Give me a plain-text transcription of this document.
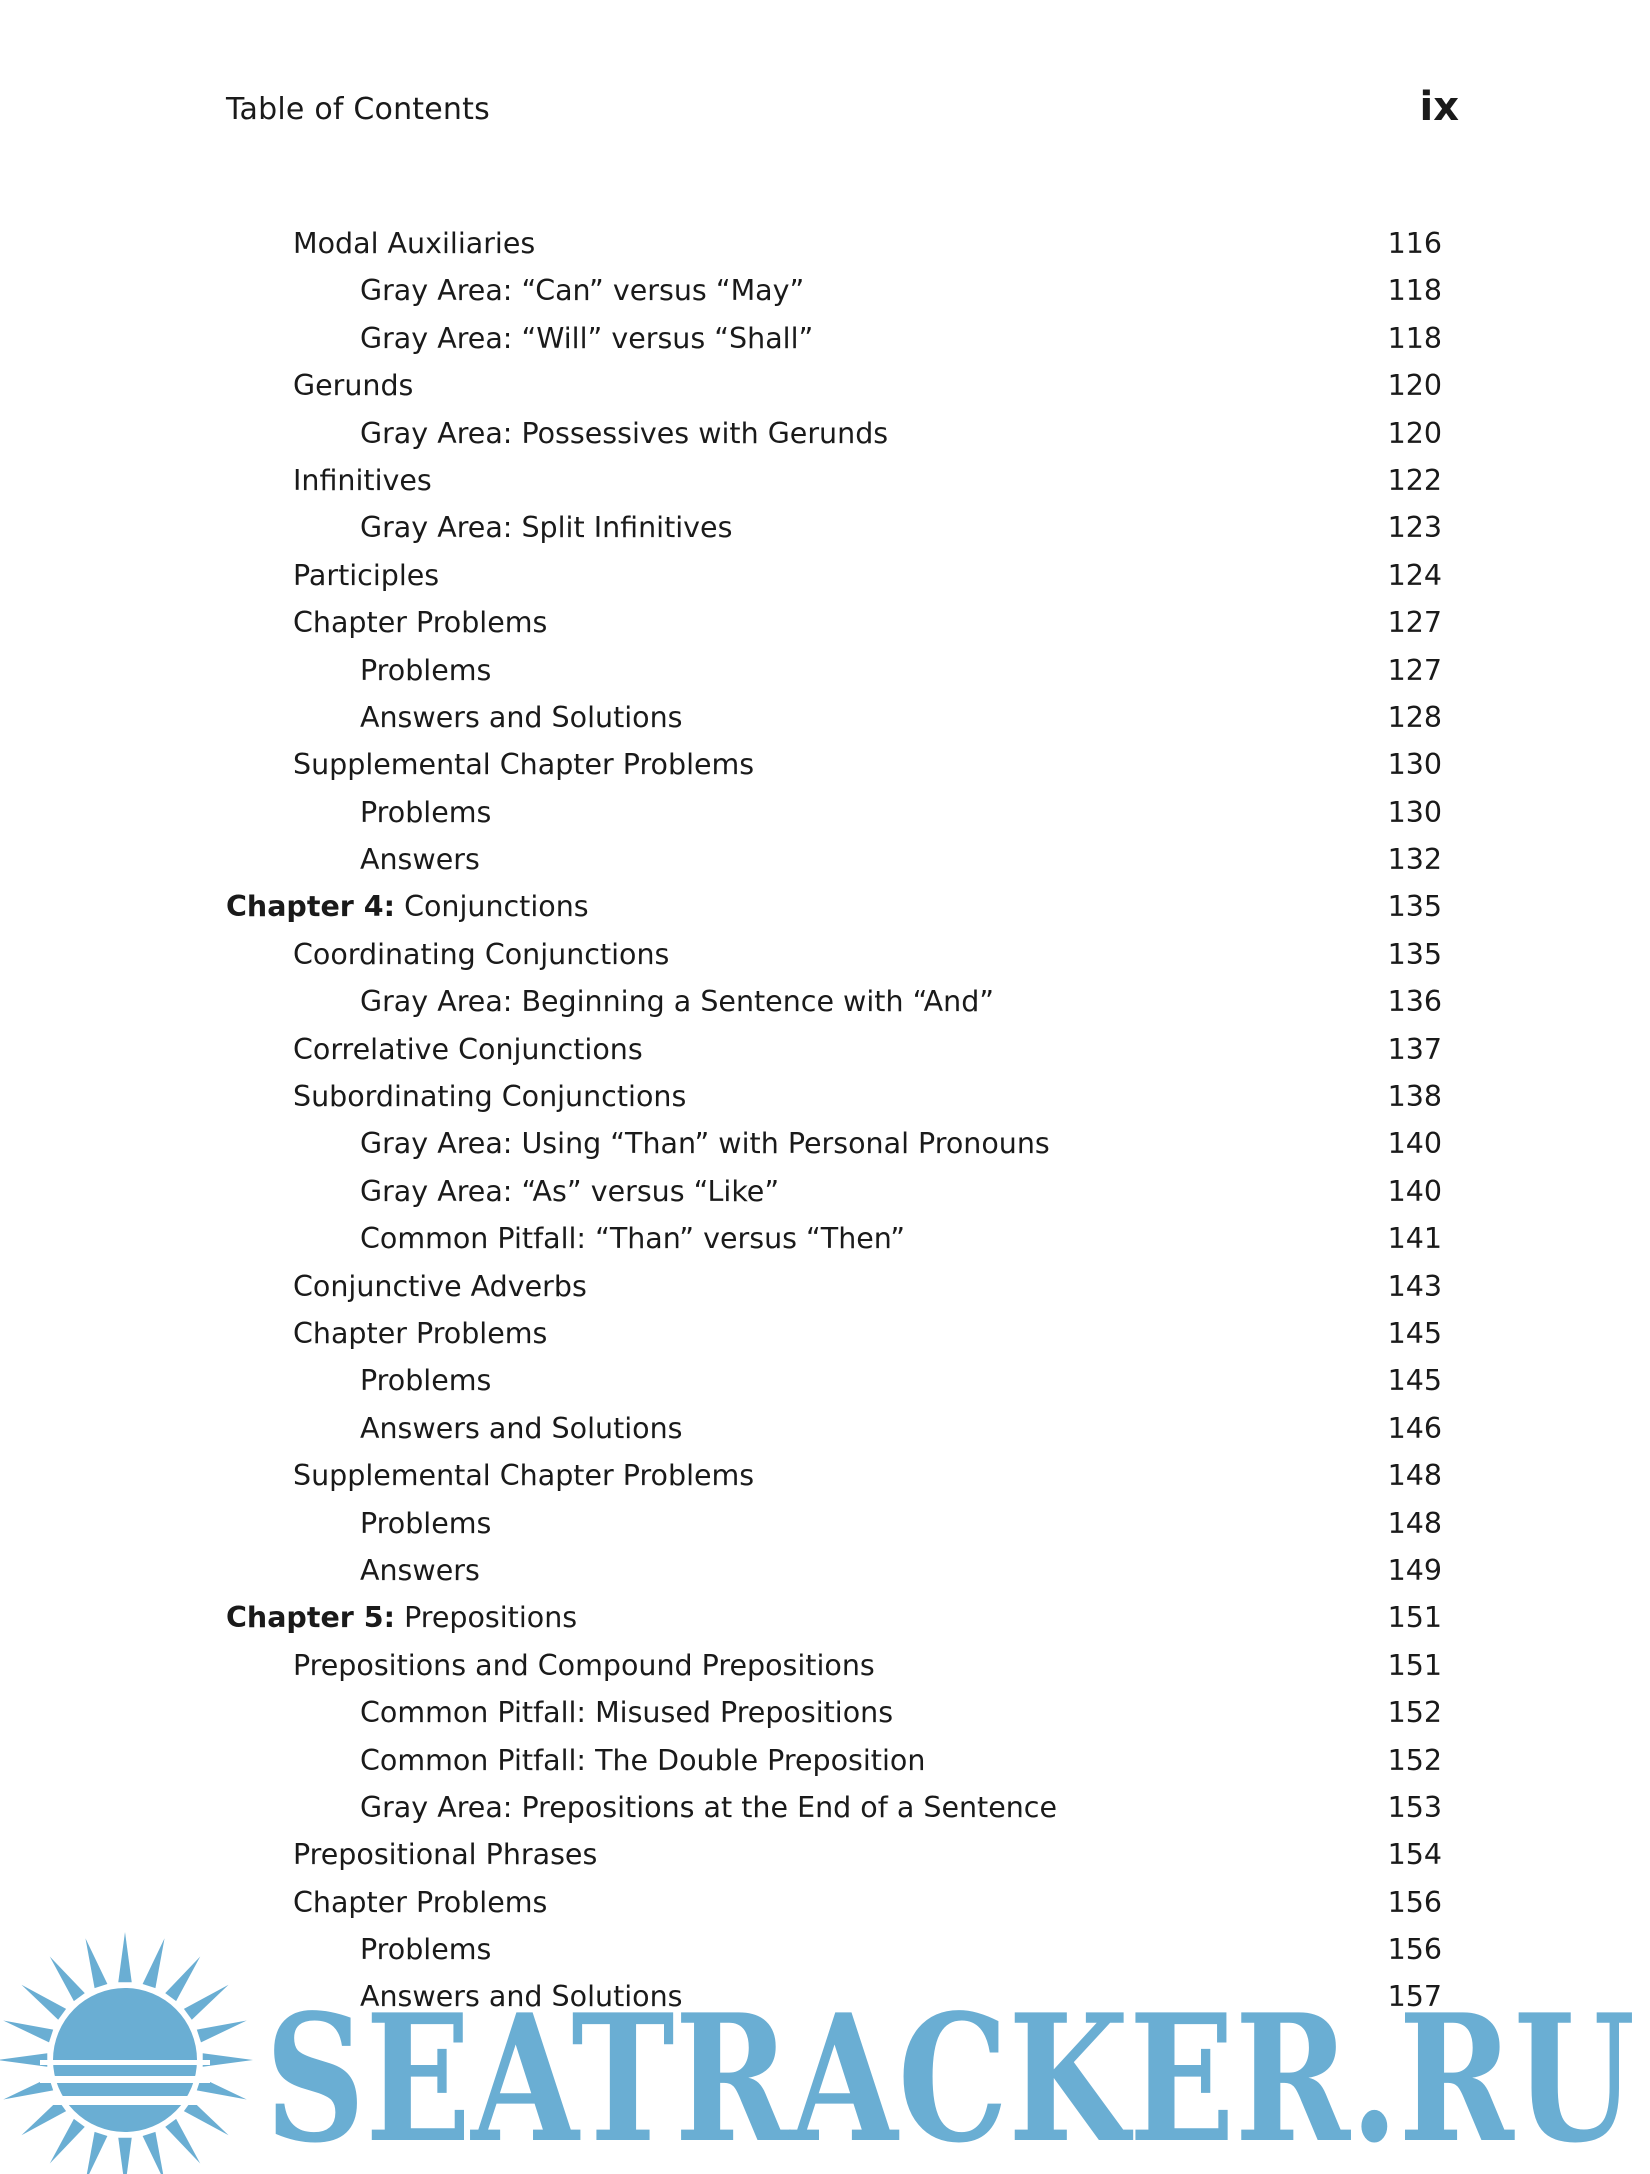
Table of Contents	ix
Modal Auxiliaries	116
Gray Area: “Can” versus “May”	118
Gray Area: “Will” versus “Shall”	118
Gerunds	120
Gray Area: Possessives with Gerunds	120
Infinitives	122
Gray Area: Split Infinitives	123
Participles	124
Chapter Problems	127
Problems	127
Answers and Solutions	128
Supplemental Chapter Problems	130
Problems	130
Answers	132
Chapter 4: Conjunctions	135
Coordinating Conjunctions	135
Gray Area: Beginning a Sentence with “And”	136
Correlative Conjunctions	137
Subordinating Conjunctions	138
Gray Area: Using “Than” with Personal Pronouns	140
Gray Area: “As” versus “Like”	140
Common Pitfall: “Than” versus “Then”	141
Conjunctive Adverbs	143
Chapter Problems	145
Problems	145
Answers and Solutions	146
Supplemental Chapter Problems	148
Problems	148
Answers	149
Chapter 5: Prepositions	151
Prepositions and Compound Prepositions	151
Common Pitfall: Misused Prepositions	152
Common Pitfall: The Double Preposition	152
Gray Area: Prepositions at the End of a Sentence	153
Prepositional Phrases	154
Chapter Problems	156
Problems	156
Answers and Solutions	157
SEATRACKER.RU
